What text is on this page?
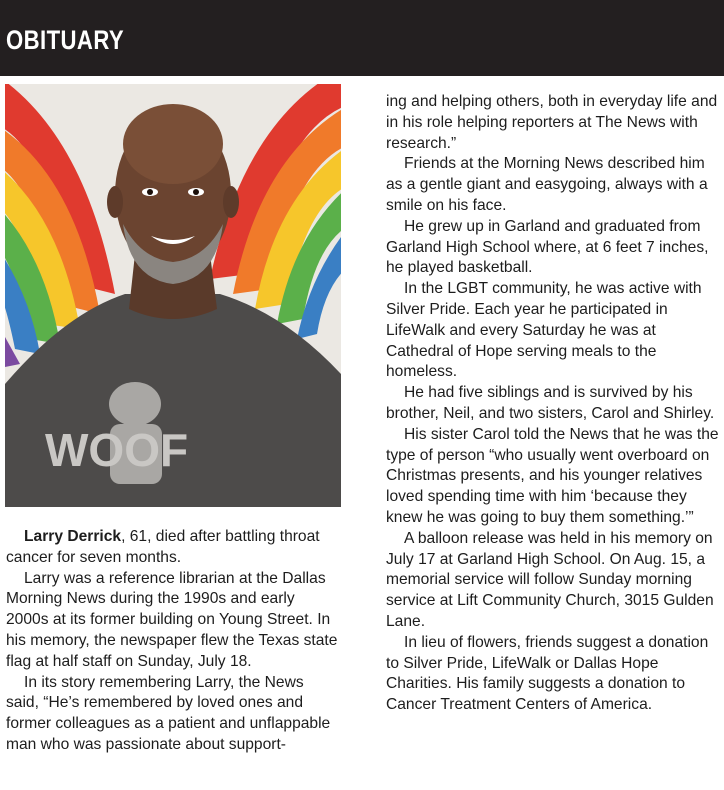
OBITUARY
WOOF

Larry Derrick, 61, died after battling throat cancer for seven months.

Larry was a reference librarian at the Dallas Morning News during the 1990s and early 2000s at its former building on Young Street. In his memory, the newspaper flew the Texas state flag at half staff on Sunday, July 18.

In its story remembering Larry, the News said, “He’s remembered by loved ones and former colleagues as a patient and unflappable man who was passionate about support-

ing and helping others, both in everyday life and in his role helping reporters at The News with research.”

Friends at the Morning News described him as a gentle giant and easygoing, always with a smile on his face.

He grew up in Garland and graduated from Garland High School where, at 6 feet 7 inches, he played basketball.

In the LGBT community, he was active with Silver Pride. Each year he participated in LifeWalk and every Saturday he was at Cathedral of Hope serving meals to the homeless.

He had five siblings and is survived by his brother, Neil, and two sisters, Carol and Shirley.

His sister Carol told the News that he was the type of person “who usually went overboard on Christmas presents, and his younger relatives loved spending time with him ‘because they knew he was going to buy them something.’”

A balloon release was held in his memory on July 17 at Garland High School. On Aug. 15, a memorial service will follow Sunday morning service at Lift Community Church, 3015 Gulden Lane.

In lieu of flowers, friends suggest a donation to Silver Pride, LifeWalk or Dallas Hope Charities. His family suggests a donation to Cancer Treatment Centers of America.
